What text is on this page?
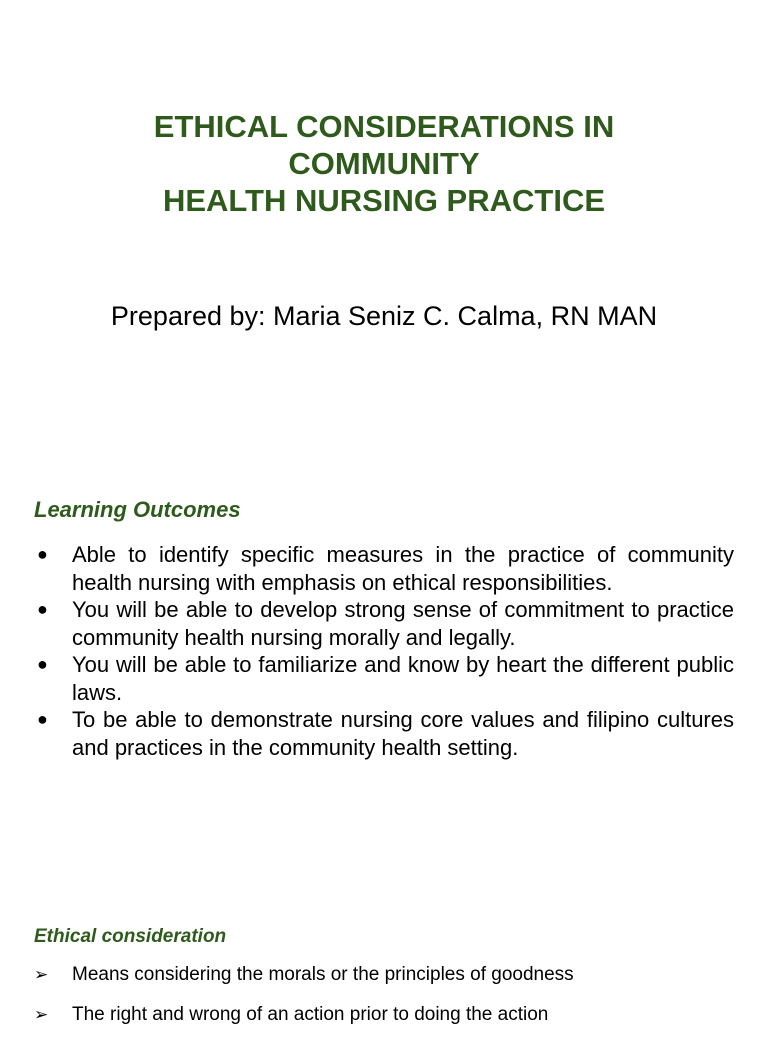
ETHICAL CONSIDERATIONS IN
COMMUNITY
HEALTH NURSING PRACTICE
Prepared by: Maria Seniz C. Calma, RN MAN
Learning Outcomes
● Able to identify specific measures in the practice of community health nursing with emphasis on ethical responsibilities.
● You will be able to develop strong sense of commitment to practice community health nursing morally and legally.
● You will be able to familiarize and know by heart the different public laws.
● To be able to demonstrate nursing core values and filipino cultures and practices in the community health setting.
Ethical consideration
➢ Means considering the morals or the principles of goodness
➢ The right and wrong of an action prior to doing the action
